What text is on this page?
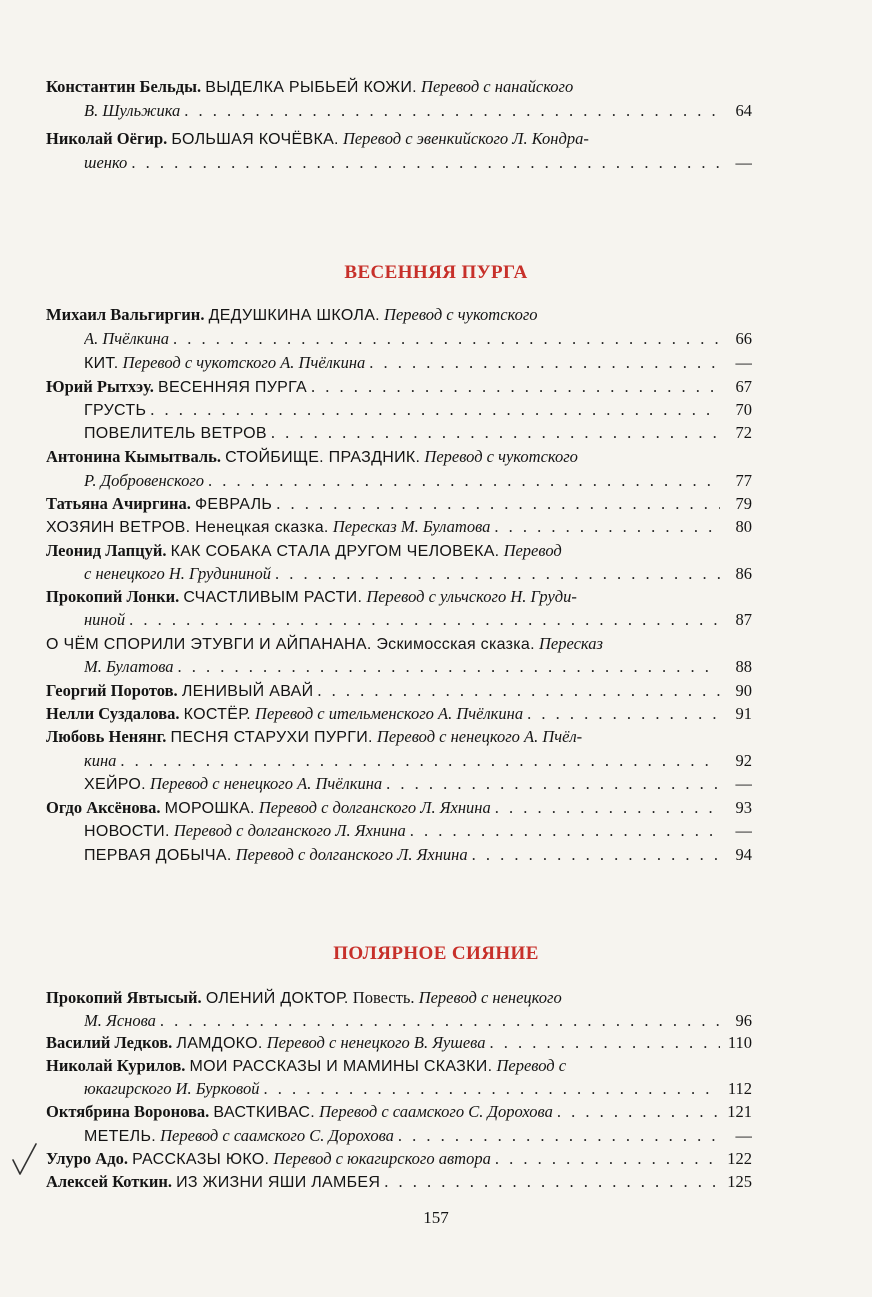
Константин Бельды. ВЫДЕЛКА РЫБЬЕЙ КОЖИ. Перевод с нанайского
В. Шульжика . . .	64
Николай Оёгир. БОЛЬШАЯ КОЧЁВКА. Перевод с эвенкийского Л. Кондра-
шенко . . .	—
ВЕСЕННЯЯ ПУРГА
Михаил Вальгиргин. ДЕДУШКИНА ШКОЛА. Перевод с чукотского
А. Пчёлкина . . .	66
КИТ. Перевод с чукотского А. Пчёлкина . . .	—
Юрий Рытхэу. ВЕСЕННЯЯ ПУРГА . . .	67
ГРУСТЬ . . .	70
ПОВЕЛИТЕЛЬ ВЕТРОВ . . .	72
Антонина Кымытваль. СТОЙБИЩЕ. ПРАЗДНИК. Перевод с чукотского
Р. Добровенского . . .	77
Татьяна Ачиргина. ФЕВРАЛЬ . . .	79
ХОЗЯИН ВЕТРОВ. Ненецкая сказка. Пересказ М. Булатова . . .	80
Леонид Лапцуй. КАК СОБАКА СТАЛА ДРУГОМ ЧЕЛОВЕКА. Перевод
с ненецкого Н. Грудининой . . .	86
Прокопий Лонки. СЧАСТЛИВЫМ РАСТИ. Перевод с ульчского Н. Груди-
ниной . . .	87
О ЧЁМ СПОРИЛИ ЭТУВГИ И АЙПАНАНА. Эскимосская сказка. Пересказ
М. Булатова . . .	88
Георгий Поротов. ЛЕНИВЫЙ АВАЙ . . .	90
Нелли Суздалова. КОСТЁР. Перевод с ительменского А. Пчёлкина . . .	91
Любовь Ненянг. ПЕСНЯ СТАРУХИ ПУРГИ. Перевод с ненецкого А. Пчёл-
кина . . .	92
ХЕЙРО. Перевод с ненецкого А. Пчёлкина . . .	—
Огдо Аксёнова. МОРОШКА. Перевод с долганского Л. Яхнина . . .	93
НОВОСТИ. Перевод с долганского Л. Яхнина . . .	—
ПЕРВАЯ ДОБЫЧА. Перевод с долганского Л. Яхнина . . .	94
ПОЛЯРНОЕ СИЯНИЕ
Прокопий Явтысый. ОЛЕНИЙ ДОКТОР. Повесть. Перевод с ненецкого
М. Яснова . . .	96
Василий Ледков. ЛАМДОКО. Перевод с ненецкого В. Яушева . . .	110
Николай Курилов. МОИ РАССКАЗЫ И МАМИНЫ СКАЗКИ. Перевод с
юкагирского И. Бурковой . . .	112
Октябрина Воронова. ВАСТКИВАС. Перевод с саамского С. Дорохова . . .	121
МЕТЕЛЬ. Перевод с саамского С. Дорохова . . .	—
Улуро Адо. РАССКАЗЫ ЮКО. Перевод с юкагирского автора . . .	122
Алексей Коткин. ИЗ ЖИЗНИ ЯШИ ЛАМБЕЯ . . .	125
157
